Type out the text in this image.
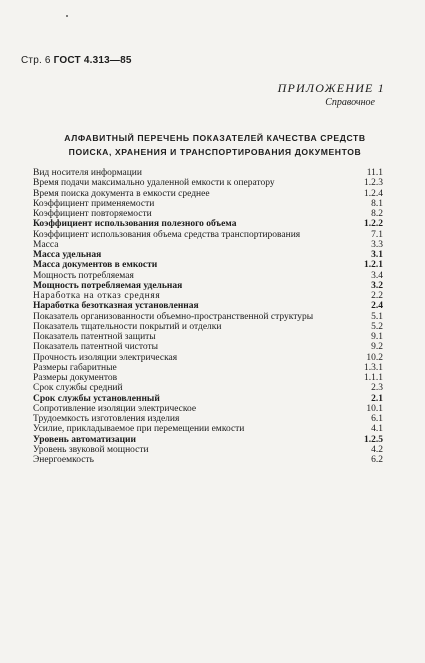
Стр. 6 ГОСТ 4.313—85
ПРИЛОЖЕНИЕ 1
Справочное
АЛФАВИТНЫЙ ПЕРЕЧЕНЬ ПОКАЗАТЕЛЕЙ КАЧЕСТВА СРЕДСТВ
ПОИСКА, ХРАНЕНИЯ И ТРАНСПОРТИРОВАНИЯ ДОКУМЕНТОВ
Вид носителя информации	11.1
Время подачи максимально удаленной емкости к оператору	1.2.3
Время поиска документа в емкости среднее	1.2.4
Коэффициент применяемости	8.1
Коэффициент повторяемости	8.2
Коэффициент использования полезного объема	1.2.2
Коэффициент использования объема средства транспортирования	7.1
Масса	3.3
Масса удельная	3.1
Масса документов в емкости	1.2.1
Мощность потребляемая	3.4
Мощность потребляемая удельная	3.2
Наработка на отказ средняя	2.2
Наработка безотказная установленная	2.4
Показатель организованности объемно-пространственной структуры	5.1
Показатель тщательности покрытий и отделки	5.2
Показатель патентной защиты	9.1
Показатель патентной чистоты	9.2
Прочность изоляции электрическая	10.2
Размеры габаритные	1.3.1
Размеры документов	1.1.1
Срок службы средний	2.3
Срок службы установленный	2.1
Сопротивление изоляции электрическое	10.1
Трудоемкость изготовления изделия	6.1
Усилие, прикладываемое при перемещении емкости	4.1
Уровень автоматизации	1.2.5
Уровень звуковой мощности	4.2
Энергоемкость	6.2
